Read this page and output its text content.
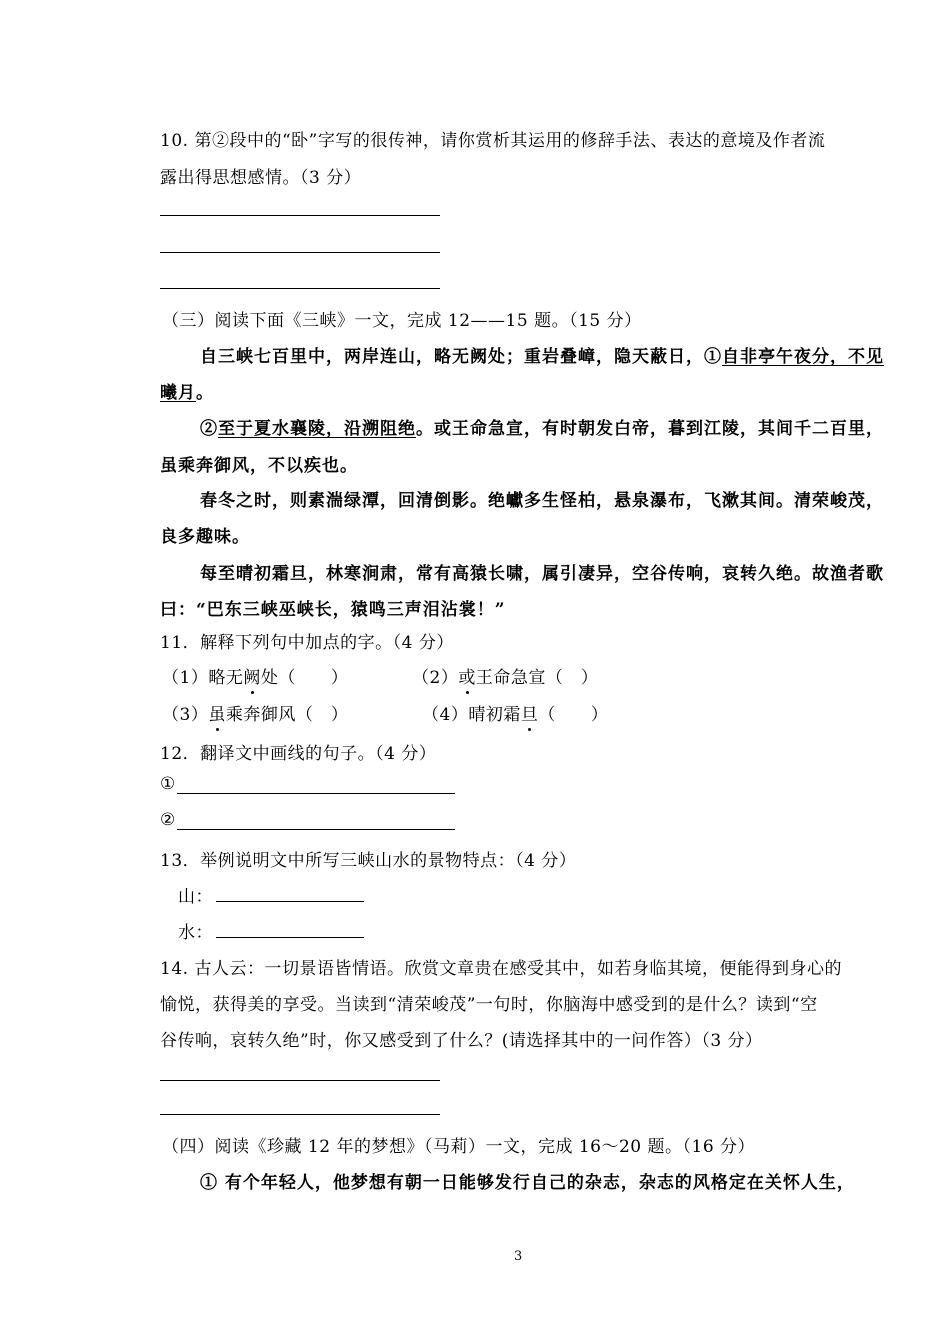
10. 第②段中的“卧”字写的很传神，请你赏析其运用的修辞手法、表达的意境及作者流
露出得思想感情。（3 分）
（三）阅读下面《三峡》一文，完成 12——15 题。（15 分）
自三峡七百里中，两岸连山，略无阙处；重岩叠嶂，隐天蔽日，①自非亭午夜分，不见
曦月。
②至于夏水襄陵，沿溯阻绝。或王命急宣，有时朝发白帝，暮到江陵，其间千二百里，
虽乘奔御风，不以疾也。
春冬之时，则素湍绿潭，回清倒影。绝巘多生怪柏，悬泉瀑布，飞漱其间。清荣峻茂，
良多趣味。
每至晴初霜旦，林寒涧肃，常有高猿长啸，属引凄异，空谷传响，哀转久绝。故渔者歌
曰：“巴东三峡巫峡长，猿鸣三声泪沾裳！”
11．解释下列句中加点的字。（4 分）
（1）略无阙处（　　）	（2）或王命急宣（　）
（3）虽乘奔御风（　）	（4）晴初霜旦（　　）
12．翻译文中画线的句子。（4 分）
①
②
13．举例说明文中所写三峡山水的景物特点：（4 分）
山：
水：
14. 古人云：一切景语皆情语。欣赏文章贵在感受其中，如若身临其境，便能得到身心的
愉悦，获得美的享受。当读到“清荣峻茂”一句时，你脑海中感受到的是什么？读到“空
谷传响，哀转久绝”时，你又感受到了什么？(请选择其中的一问作答）（3 分）
（四）阅读《珍藏 12 年的梦想》（马莉）一文，完成 16～20 题。（16 分）
① 有个年轻人，他梦想有朝一日能够发行自己的杂志，杂志的风格定在关怀人生，
3
